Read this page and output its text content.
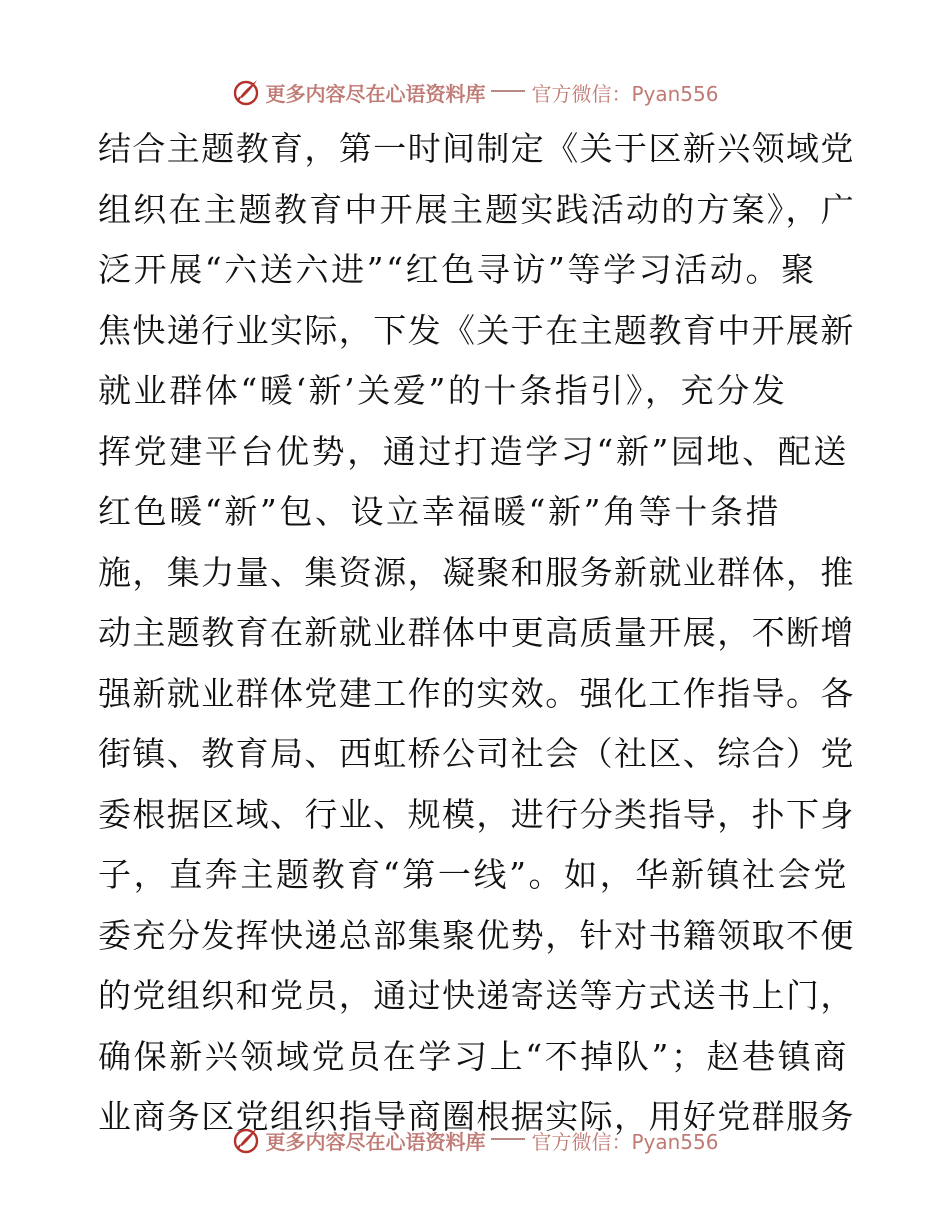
更多内容尽在心语资料库 官方微信：Pyan556
结合主题教育，第一时间制定《关于区新兴领域党
组织在主题教育中开展主题实践活动的方案》，广
泛开展“六送六进”“红色寻访”等学习活动。聚
焦快递行业实际，下发《关于在主题教育中开展新
就业群体“暖‘新’关爱”的十条指引》，充分发
挥党建平台优势，通过打造学习“新”园地、配送
红色暖“新”包、设立幸福暖“新”角等十条措
施，集力量、集资源，凝聚和服务新就业群体，推
动主题教育在新就业群体中更高质量开展，不断增
强新就业群体党建工作的实效。强化工作指导。各
街镇、教育局、西虹桥公司社会（社区、综合）党
委根据区域、行业、规模，进行分类指导，扑下身
子，直奔主题教育“第一线”。如，华新镇社会党
委充分发挥快递总部集聚优势，针对书籍领取不便
的党组织和党员，通过快递寄送等方式送书上门，
确保新兴领域党员在学习上“不掉队”；赵巷镇商
业商务区党组织指导商圈根据实际，用好党群服务
更多内容尽在心语资料库 官方微信：Pyan556
